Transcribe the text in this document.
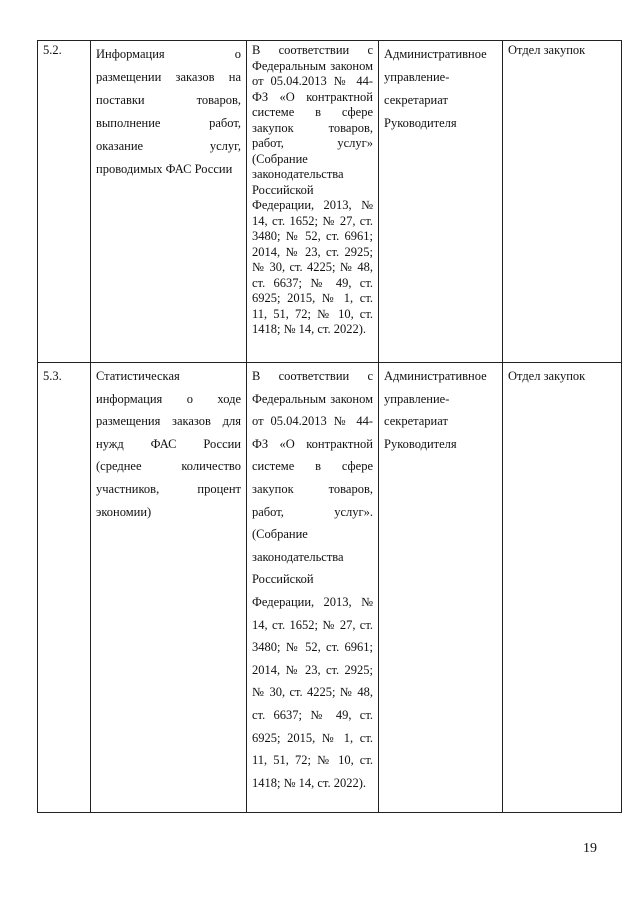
5.2.	Информация о размещении заказов на поставки товаров, выполнение работ, оказание услуг, проводимых ФАС России	В соответствии с Федеральным законом от 05.04.2013 № 44-ФЗ «О контрактной системе в сфере закупок товаров, работ, услуг» (Собрание законодательства Российской Федерации, 2013, № 14, ст. 1652; № 27, ст. 3480; № 52, ст. 6961; 2014, № 23, ст. 2925; № 30, ст. 4225; № 48, ст. 6637; № 49, ст. 6925; 2015, № 1, ст. 11, 51, 72; № 10, ст. 1418; № 14, ст. 2022).	Административное управление-секретариат Руководителя	Отдел закупок
5.3.	Статистическая информация о ходе размещения заказов для нужд ФАС России (среднее количество участников, процент экономии)	В соответствии с Федеральным законом от 05.04.2013 № 44-ФЗ «О контрактной системе в сфере закупок товаров, работ, услуг». (Собрание законодательства Российской Федерации, 2013, № 14, ст. 1652; № 27, ст. 3480; № 52, ст. 6961; 2014, № 23, ст. 2925; № 30, ст. 4225; № 48, ст. 6637; № 49, ст. 6925; 2015, № 1, ст. 11, 51, 72; № 10, ст. 1418; № 14, ст. 2022).	Административное управление-секретариат Руководителя	Отдел закупок
19
